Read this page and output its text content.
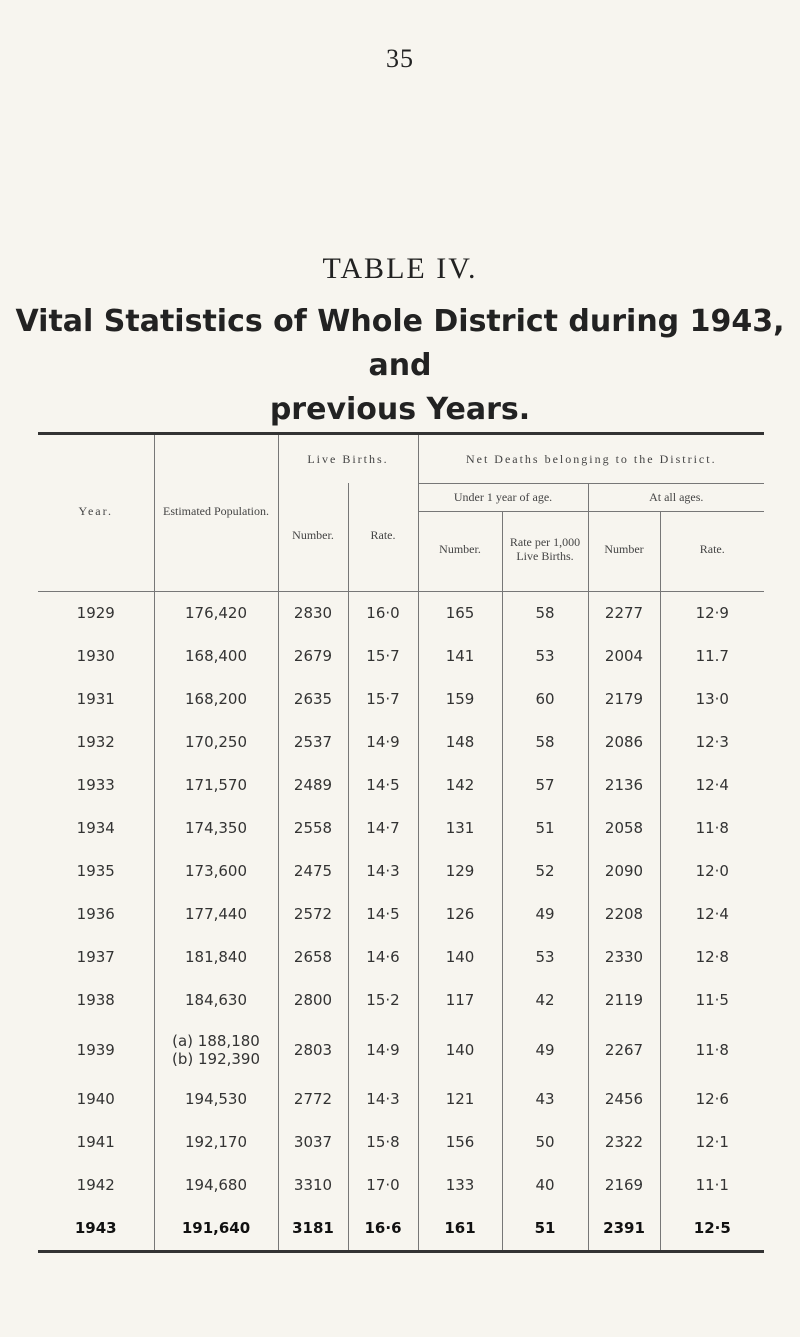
35
TABLE IV.
Vital Statistics of Whole District during 1943, and
previous Years.
Year.	Estimated Population.	Live Births.		Net Deaths belonging to the District.			
		Number.	Rate.	Under 1 year of age.		At all ages.	
				Number.	Rate per 1,000 Live Births.	Number	Rate.

1929	176,420	2830	16·0	165	58	2277	12·9
1930	168,400	2679	15·7	141	53	2004	11.7
1931	168,200	2635	15·7	159	60	2179	13·0
1932	170,250	2537	14·9	148	58	2086	12·3
1933	171,570	2489	14·5	142	57	2136	12·4
1934	174,350	2558	14·7	131	51	2058	11·8
1935	173,600	2475	14·3	129	52	2090	12·0
1936	177,440	2572	14·5	126	49	2208	12·4
1937	181,840	2658	14·6	140	53	2330	12·8
1938	184,630	2800	15·2	117	42	2119	11·5
1939	(a) 188,180
(b) 192,390	2803	14·9	140	49	2267	11·8
1940	194,530	2772	14·3	121	43	2456	12·6
1941	192,170	3037	15·8	156	50	2322	12·1
1942	194,680	3310	17·0	133	40	2169	11·1
1943	191,640	3181	16·6	161	51	2391	12·5
